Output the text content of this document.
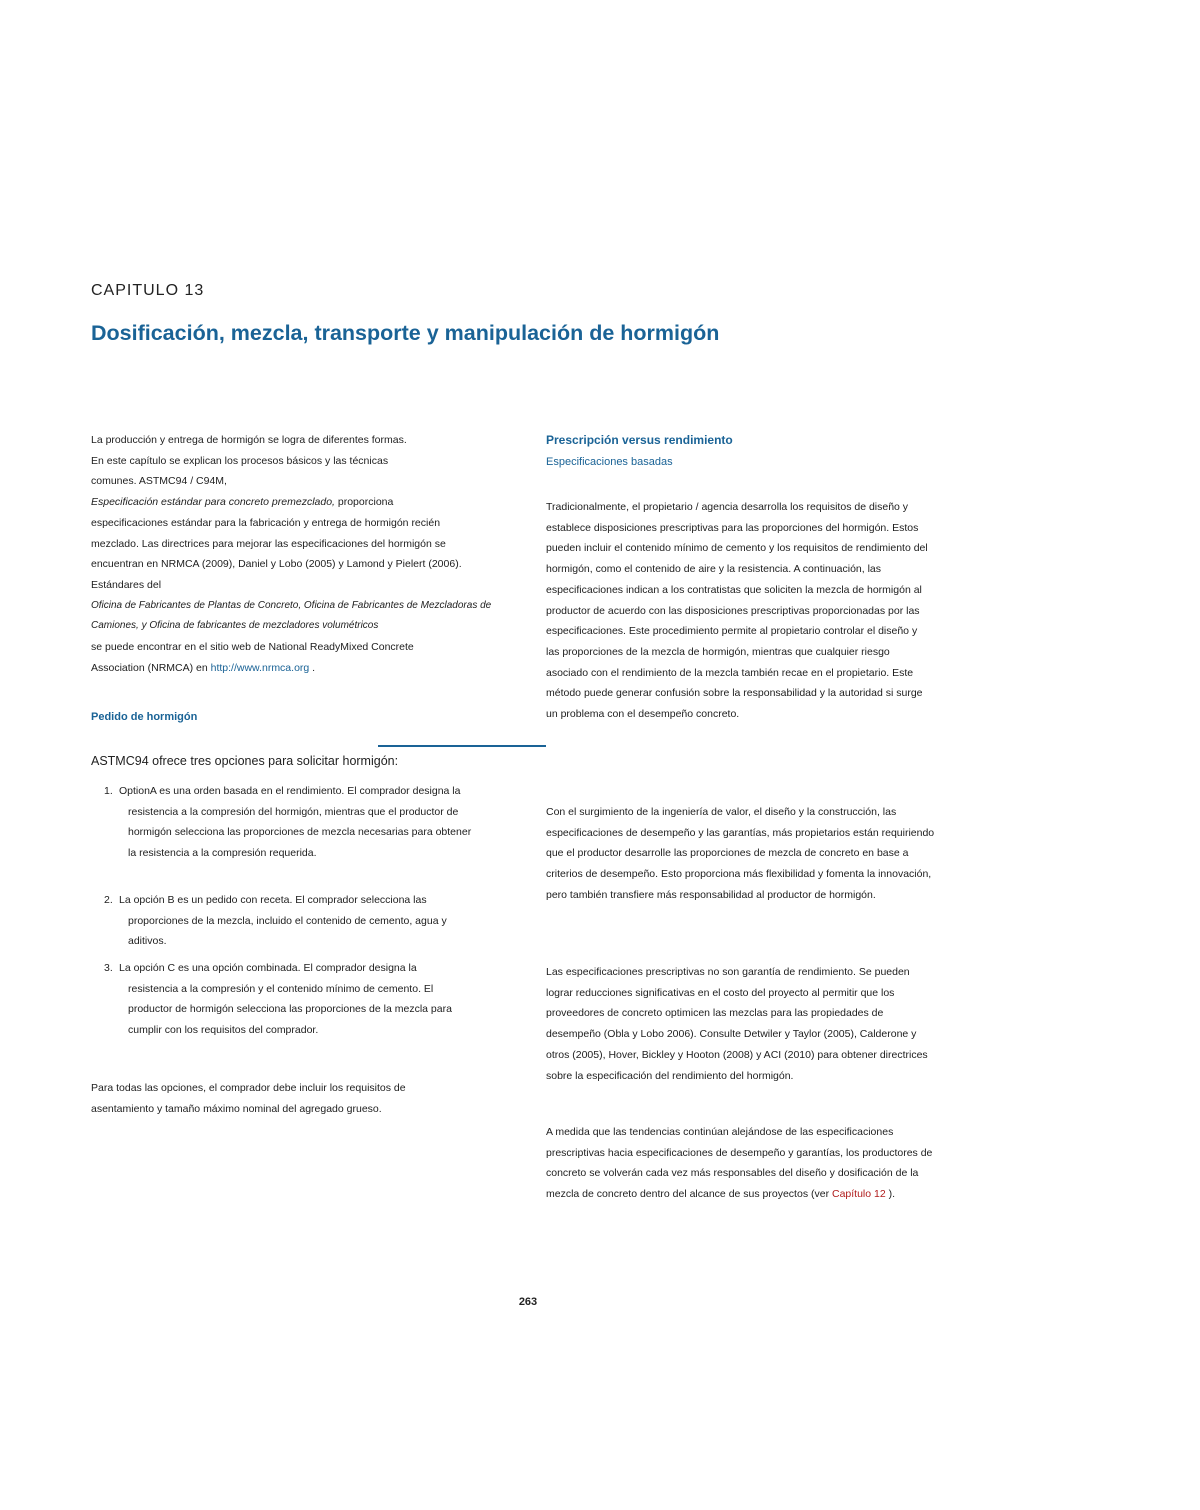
CAPITULO 13
Dosificación, mezcla, transporte y manipulación de hormigón

La producción y entrega de hormigón se logra de diferentes formas.

En este capítulo se explican los procesos básicos y las técnicas

comunes. ASTMC94 / C94M,

Especificación estándar para concreto premezclado, proporciona

especificaciones estándar para la fabricación y entrega de hormigón recién

mezclado. Las directrices para mejorar las especificaciones del hormigón se

encuentran en NRMCA (2009), Daniel y Lobo (2005) y Lamond y Pielert (2006).

Estándares del

Oficina de Fabricantes de Plantas de Concreto, Oficina de Fabricantes de Mezcladoras de

Camiones, y Oficina de fabricantes de mezcladores volumétricos

se puede encontrar en el sitio web de National ReadyMixed Concrete

Association (NRMCA) en http://www.nrmca.org .

Pedido de hormigón
ASTMC94 ofrece tres opciones para solicitar hormigón:
1. OptionA es una orden basada en el rendimiento. El comprador designa la
resistencia a la compresión del hormigón, mientras que el productor de
hormigón selecciona las proporciones de mezcla necesarias para obtener
la resistencia a la compresión requerida.
2. La opción B es un pedido con receta. El comprador selecciona las
proporciones de la mezcla, incluido el contenido de cemento, agua y
aditivos.
3. La opción C es una opción combinada. El comprador designa la
resistencia a la compresión y el contenido mínimo de cemento. El
productor de hormigón selecciona las proporciones de la mezcla para
cumplir con los requisitos del comprador.

Para todas las opciones, el comprador debe incluir los requisitos de

asentamiento y tamaño máximo nominal del agregado grueso.

Prescripción versus rendimiento
Especificaciones basadas

Tradicionalmente, el propietario / agencia desarrolla los requisitos de diseño y

establece disposiciones prescriptivas para las proporciones del hormigón. Estos

pueden incluir el contenido mínimo de cemento y los requisitos de rendimiento del

hormigón, como el contenido de aire y la resistencia. A continuación, las

especificaciones indican a los contratistas que soliciten la mezcla de hormigón al

productor de acuerdo con las disposiciones prescriptivas proporcionadas por las

especificaciones. Este procedimiento permite al propietario controlar el diseño y

las proporciones de la mezcla de hormigón, mientras que cualquier riesgo

asociado con el rendimiento de la mezcla también recae en el propietario. Este

método puede generar confusión sobre la responsabilidad y la autoridad si surge

un problema con el desempeño concreto.

Con el surgimiento de la ingeniería de valor, el diseño y la construcción, las

especificaciones de desempeño y las garantías, más propietarios están requiriendo

que el productor desarrolle las proporciones de mezcla de concreto en base a

criterios de desempeño. Esto proporciona más flexibilidad y fomenta la innovación,

pero también transfiere más responsabilidad al productor de hormigón.

Las especificaciones prescriptivas no son garantía de rendimiento. Se pueden

lograr reducciones significativas en el costo del proyecto al permitir que los

proveedores de concreto optimicen las mezclas para las propiedades de

desempeño (Obla y Lobo 2006). Consulte Detwiler y Taylor (2005), Calderone y

otros (2005), Hover, Bickley y Hooton (2008) y ACI (2010) para obtener directrices

sobre la especificación del rendimiento del hormigón.

A medida que las tendencias continúan alejándose de las especificaciones

prescriptivas hacia especificaciones de desempeño y garantías, los productores de

concreto se volverán cada vez más responsables del diseño y dosificación de la

mezcla de concreto dentro del alcance de sus proyectos (ver Capítulo 12 ).

263
